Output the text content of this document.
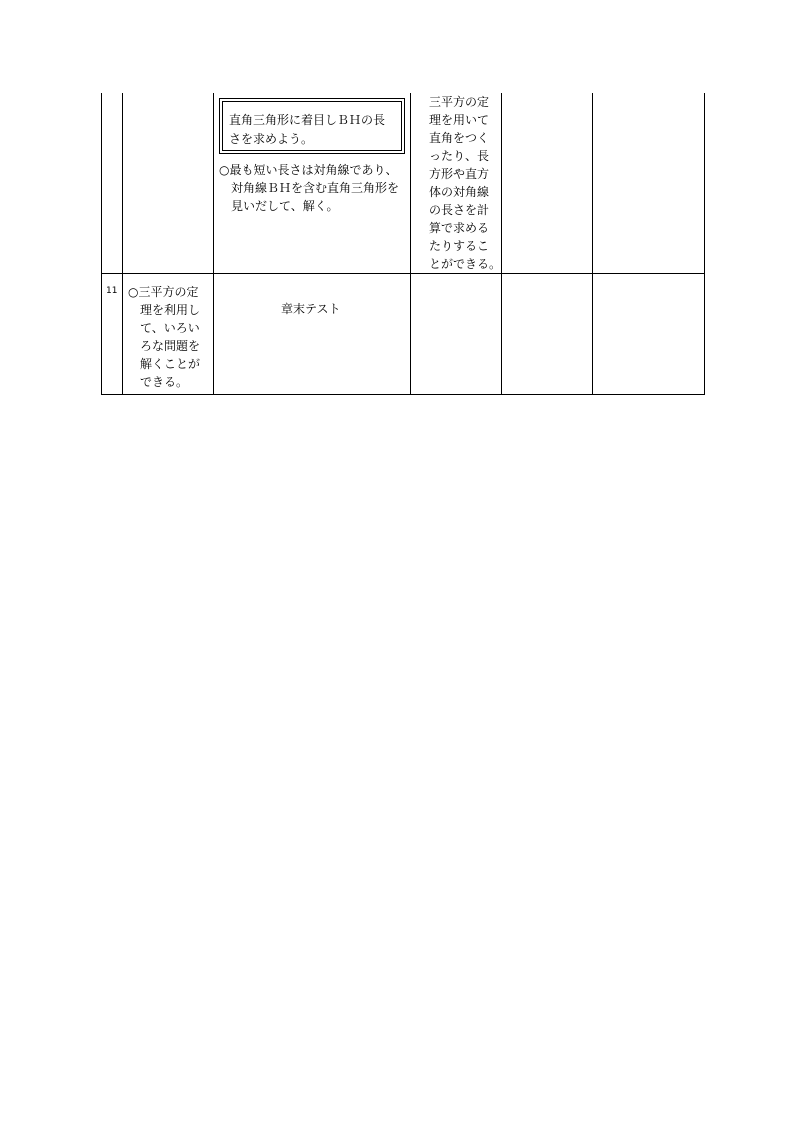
直角三角形に着目しＢＨの長
さを求めよう。
○最も短い長さは対角線であり、
　対角線ＢＨを含む直角三角形を
　見いだして、解く。
三平方の定
理を用いて
直角をつく
ったり、長
方形や直方
体の対角線
の長さを計
算で求める
たりするこ
とができる。
11 ○三平方の定
　理を利用し
　て、いろい
　ろな問題を
　解くことが
　できる。
章末テスト
